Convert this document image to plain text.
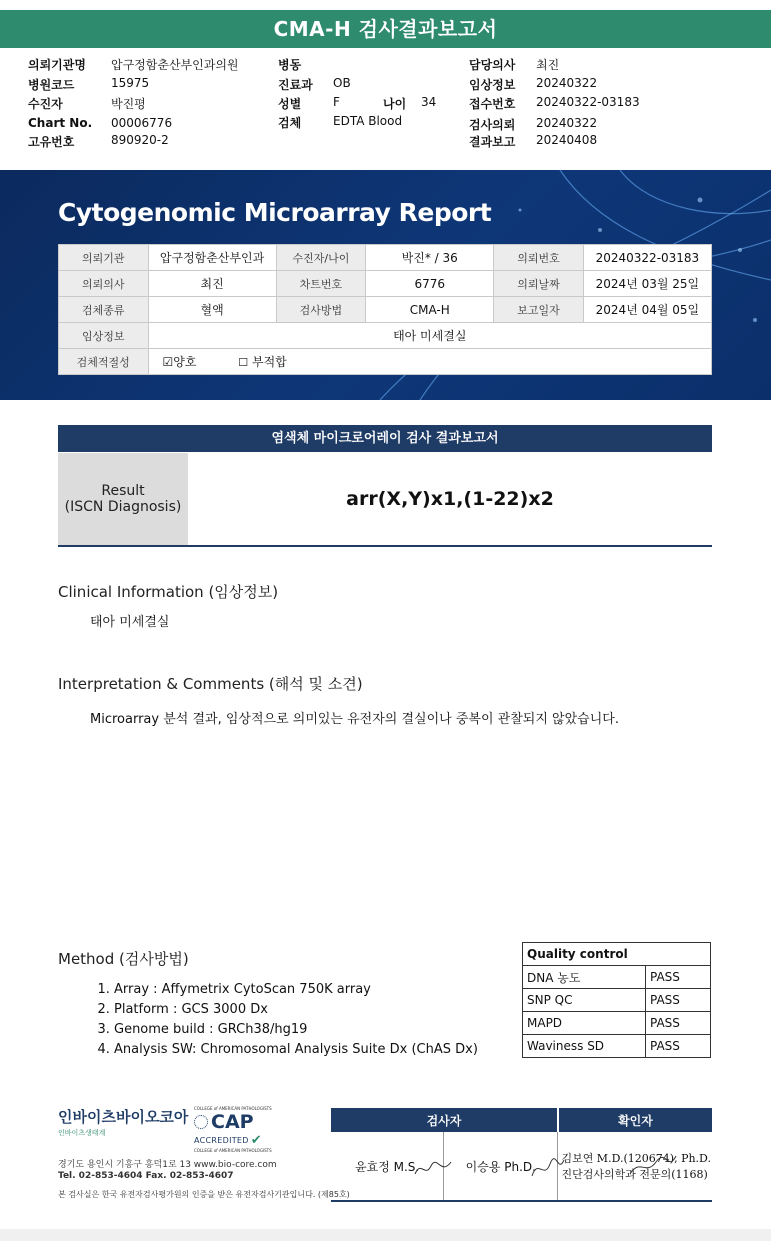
CMA-H 검사결과보고서
의뢰기관명 압구정함춘산부인과의원
병원코드	15975
수진자	박진평
Chart No. 00006776
고유번호	890920-2
병동
진료과 OB
성별	F	나이 34
검체	EDTA Blood
담당의사 최진
임상정보 20240322
접수번호 20240322-03183
검사의뢰 20240322
결과보고 20240408
Cytogenomic Microarray Report
의뢰기관	압구정함춘산부인과	수진자/나이	박진* / 36	의뢰번호	20240322-03183
의뢰의사	최진	차트번호	6776	의뢰날짜	2024년 03월 25일
검체종류	혈액	검사방법	CMA-H	보고일자	2024년 04월 05일
임상정보	태아 미세결실				
검체적절성	☑양호 ☐ 부적합				
염색체 마이크로어레이 검사 결과보고서
Result
(ISCN Diagnosis)	arr(X,Y)x1,(1-22)x2
Clinical Information (임상정보)
태아 미세결실
Interpretation & Comments (해석 및 소견)
Microarray 분석 결과, 임상적으로 의미있는 유전자의 결실이나 중복이 관찰되지 않았습니다.
Method (검사방법)
1. Array : Affymetrix CytoScan 750K array
2. Platform : GCS 3000 Dx
3. Genome build : GRCh38/hg19
4. Analysis SW: Chromosomal Analysis Suite Dx (ChAS Dx)
Quality control	
DNA 농도	PASS
SNP QC	PASS
MAPD	PASS
Waviness SD	PASS
인바이츠바이오코아
인바이츠생태계
COLLEGE of AMERICAN PATHOLOGISTS
CAP
ACCREDITED ✔
COLLEGE of AMERICAN PATHOLOGISTS
경기도 용인시 기흥구 흥덕1로 13 www.bio-core.com
Tel. 02-853-4604 Fax. 02-853-4607
본 검사실은 한국 유전자검사평가원의 인증을 받은 유전자검사기관입니다. (제85호)
검사자		확인자
윤효정 M.S.	이승용 Ph.D.	김보연 M.D.(120674), Ph.D.
진단검사의학과 전문의(1168)
